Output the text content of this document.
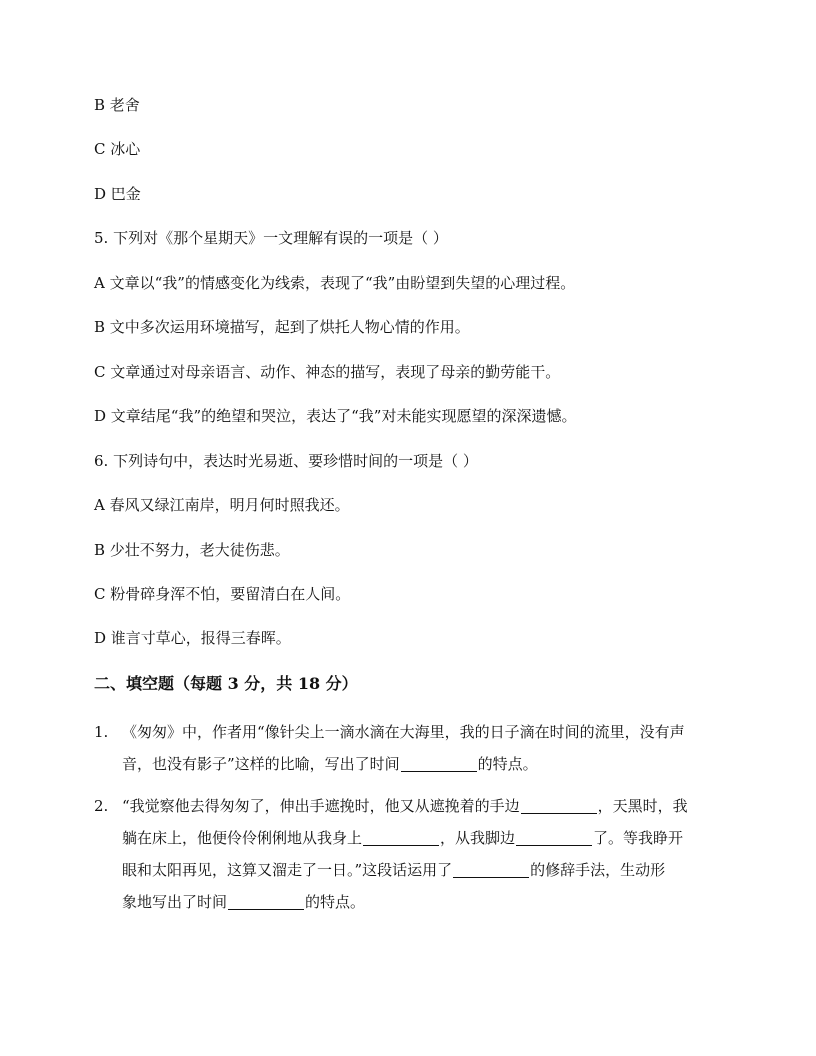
B 老舍
C 冰心
D 巴金
5. 下列对《那个星期天》一文理解有误的一项是（ ）
A 文章以“我”的情感变化为线索，表现了“我”由盼望到失望的心理过程。
B 文中多次运用环境描写，起到了烘托人物心情的作用。
C 文章通过对母亲语言、动作、神态的描写，表现了母亲的勤劳能干。
D 文章结尾“我”的绝望和哭泣，表达了“我”对未能实现愿望的深深遗憾。
6. 下列诗句中，表达时光易逝、要珍惜时间的一项是（ ）
A 春风又绿江南岸，明月何时照我还。
B 少壮不努力，老大徒伤悲。
C 粉骨碎身浑不怕，要留清白在人间。
D 谁言寸草心，报得三春晖。
二、填空题（每题 3 分，共 18 分）
1. 《匆匆》中，作者用“像针尖上一滴水滴在大海里，我的日子滴在时间的流里，没有声
音，也没有影子”这样的比喻，写出了时间	的特点。
2. “我觉察他去得匆匆了，伸出手遮挽时，他又从遮挽着的手边	，天黑时，我
躺在床上，他便伶伶俐俐地从我身上	，从我脚边	了。等我睁开
眼和太阳再见，这算又溜走了一日。”这段话运用了	的修辞手法，生动形
象地写出了时间	的特点。
